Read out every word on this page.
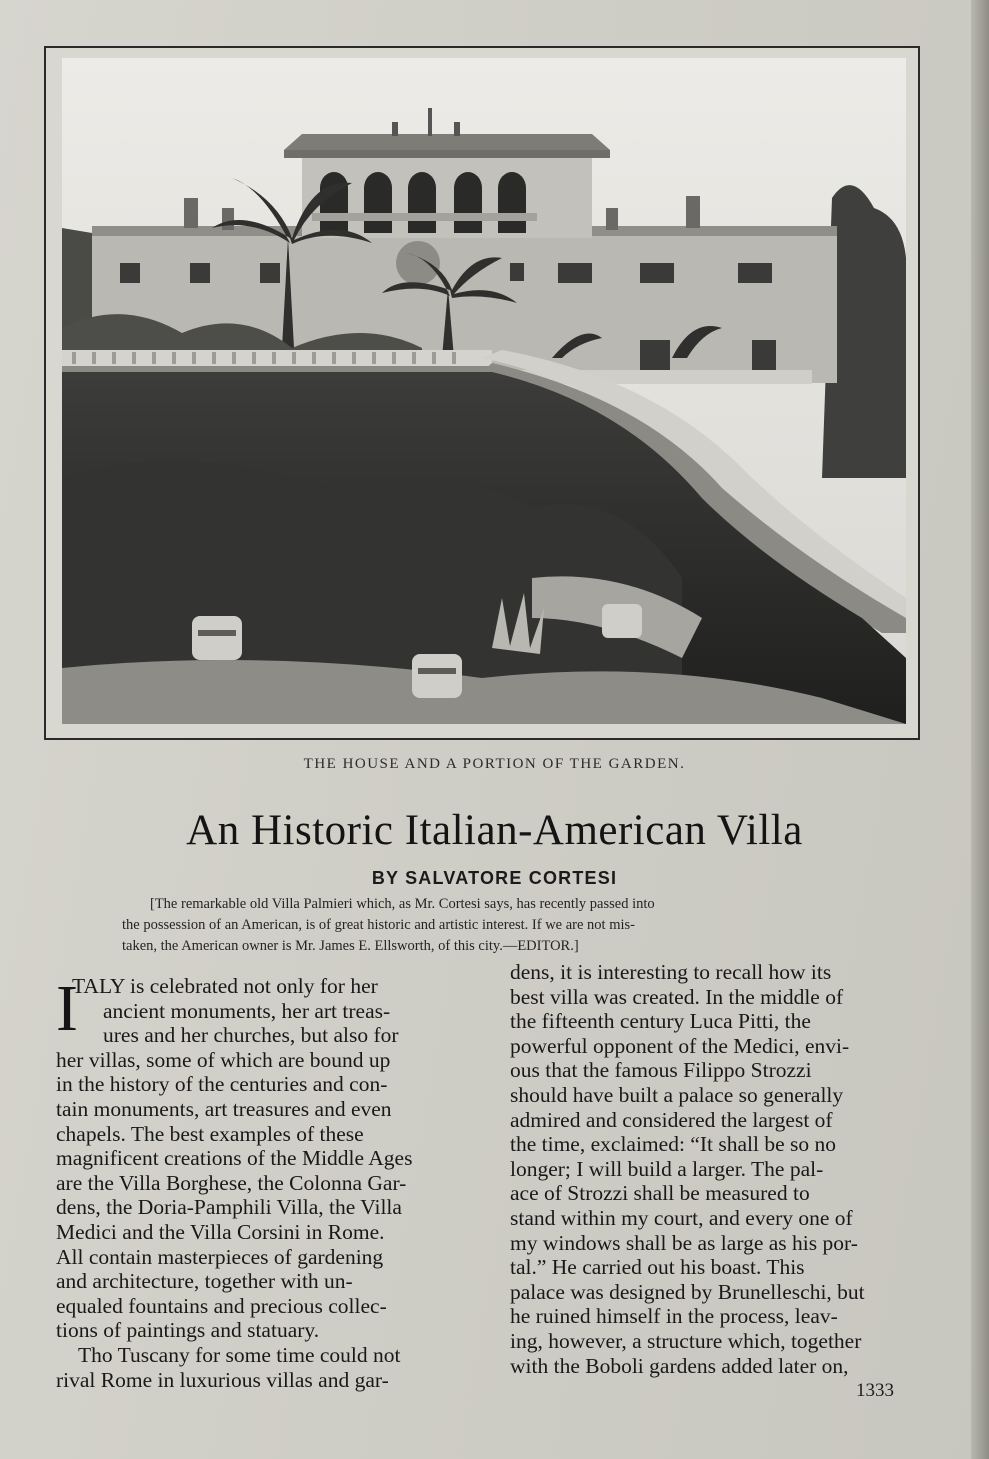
THE HOUSE AND A PORTION OF THE GARDEN.
An Historic Italian-American Villa
BY SALVATORE CORTESI
[The remarkable old Villa Palmieri which, as Mr. Cortesi says, has recently passed into
the possession of an American, is of great historic and artistic interest. If we are not mis-
taken, the American owner is Mr. James E. Ellsworth, of this city.—EDITOR.]
I
TALY is celebrated not only for her
ancient monuments, her art treas-
ures and her churches, but also for
her villas, some of which are bound up
in the history of the centuries and con-
tain monuments, art treasures and even
chapels. The best examples of these
magnificent creations of the Middle Ages
are the Villa Borghese, the Colonna Gar-
dens, the Doria-Pamphili Villa, the Villa
Medici and the Villa Corsini in Rome.
All contain masterpieces of gardening
and architecture, together with un-
equaled fountains and precious collec-
tions of paintings and statuary.
Tho Tuscany for some time could not
rival Rome in luxurious villas and gar-
dens, it is interesting to recall how its
best villa was created. In the middle of
the fifteenth century Luca Pitti, the
powerful opponent of the Medici, envi-
ous that the famous Filippo Strozzi
should have built a palace so generally
admired and considered the largest of
the time, exclaimed: “It shall be so no
longer; I will build a larger. The pal-
ace of Strozzi shall be measured to
stand within my court, and every one of
my windows shall be as large as his por-
tal.” He carried out his boast. This
palace was designed by Brunelleschi, but
he ruined himself in the process, leav-
ing, however, a structure which, together
with the Boboli gardens added later on,
1333
